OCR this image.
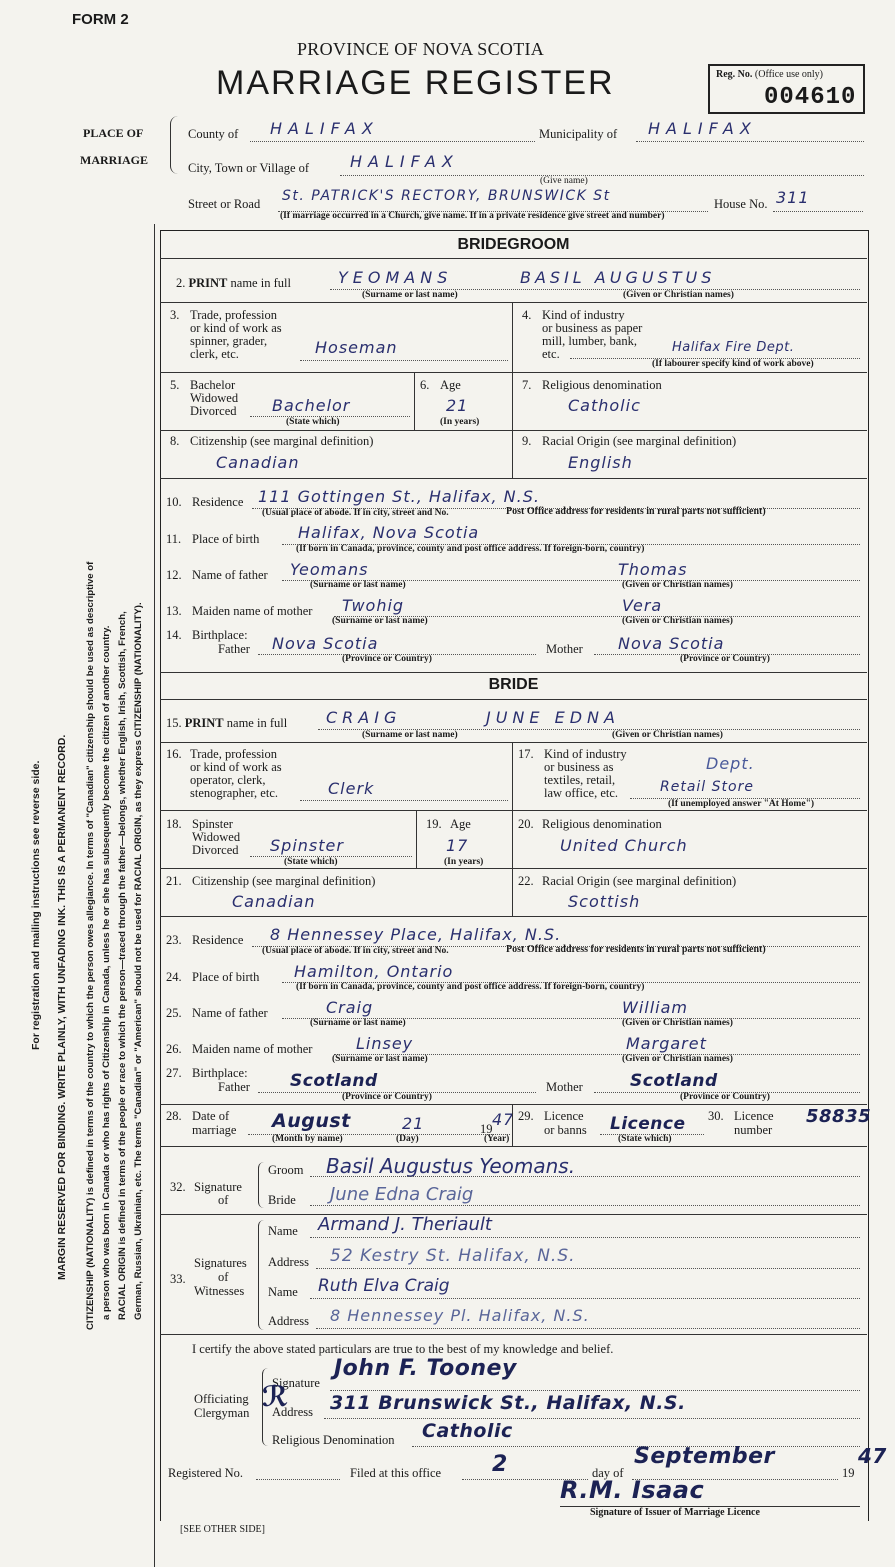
FORM 2
PROVINCE OF NOVA SCOTIA
MARRIAGE REGISTER	Reg. No. (Office use only)
004610
PLACE OF
MARRIAGE
County of HALIFAX	Municipality of HALIFAX
City, Town or Village of	HALIFAX
(Give name)
Street or Road St. PATRICK'S RECTORY, BRUNSWICK St	House No. 311
(If marriage occurred in a Church, give name. If in a private residence give street and number)
MARGIN RESERVED FOR BINDING. WRITE PLAINLY, WITH UNFADING INK. THIS IS A PERMANENT RECORD.
For registration and mailing instructions see reverse side.	CITIZENSHIP (NATIONALITY) is defined in terms of the country to which the person owes allegiance. In terms of "Canadian" citizenship should be used as descriptive of a person who was born in Canada or who has rights of Citizenship in Canada, unless he or she has subsequently become the citizen of another country. RACIAL ORIGIN is defined in terms of the people or race to which the person—traced through the father—belongs, whether English, Irish, Scottish, French, German, Russian, Ukrainian, etc. The terms "Canadian" or "American" should not be used for RACIAL ORIGIN, as they express CITIZENSHIP (NATIONALITY).
BRIDEGROOM
2. PRINT name in full	YEOMANS	BASIL AUGUSTUS
(Surname or last name)	(Given or Christian names)
3. Trade, profession
or kind of work as
spinner, grader,
clerk, etc.	Hoseman
4. Kind of industry
or business as paper
mill, lumber, bank,
etc.	Halifax Fire Dept.
(If labourer specify kind of work above)
5. Bachelor
Widowed
Divorced Bachelor
(State which)
6. Age
21
(In years)
7. Religious denomination
Catholic
8. Citizenship (see marginal definition)
Canadian
9. Racial Origin (see marginal definition)
English
10. Residence 111 Gottingen St., Halifax, N.S.
(Usual place of abode. If in city, street and No.	Post Office address for residents in rural parts not sufficient)
11. Place of birth Halifax, Nova Scotia
(If born in Canada, province, county and post office address. If foreign-born, country)
12. Name of father Yeomans	Thomas
(Surname or last name)	(Given or Christian names)
13. Maiden name of mother Twohig	Vera
(Surname or last name)	(Given or Christian names)
14. Birthplace:
Father Nova Scotia
(Province or Country)
Mother Nova Scotia
(Province or Country)
BRIDE
15. PRINT name in full CRAIG	JUNE EDNA
(Surname or last name)	(Given or Christian names)
16. Trade, profession
or kind of work as
operator, clerk,
stenographer, etc.	Clerk
17. Kind of industry
or business as
textiles, retail,
law office, etc.
Dept.
Retail Store
(If unemployed answer "At Home")
18. Spinster
Widowed
Divorced Spinster
(State which)
19. Age
17
(In years)
20. Religious denomination
United Church
21. Citizenship (see marginal definition)
Canadian
22. Racial Origin (see marginal definition)
Scottish
23. Residence 8 Hennessey Place, Halifax, N.S.
(Usual place of abode. If in city, street and No.	Post Office address for residents in rural parts not sufficient)
24. Place of birth Hamilton, Ontario
(If born in Canada, province, county and post office address. If foreign-born, country)
25. Name of father	Craig	William
(Surname or last name)	(Given or Christian names)
26. Maiden name of mother	Linsey	Margaret
(Surname or last name)	(Given or Christian names)
27. Birthplace:
Father Scotland
(Province or Country)
Mother	Scotland
(Province or Country)
28. Date of
marriage August	21	19 47
(Month by name)	(Day)	(Year)
29. Licence
or banns Licence
(State which)
30. Licence
number
58835
32. Signature
of
Groom Basil Augustus Yeomans.
Bride June Edna Craig
33.
Signatures
of
Witnesses
Name Armand J. Theriault
Address 52 Kestry St. Halifax, N.S.
Name Ruth Elva Craig
Address 8 Hennessey Pl. Halifax, N.S.
I certify the above stated particulars are true to the best of my knowledge and belief.
Officiating
Clergyman
Signature
John F. Tooney
Address 311 Brunswick St., Halifax, N.S.
Religious Denomination Catholic
ℛ
Registered No.	Filed at this office 2	day of
September
19
47
R.M. Isaac
Signature of Issuer of Marriage Licence
[SEE OTHER SIDE]
